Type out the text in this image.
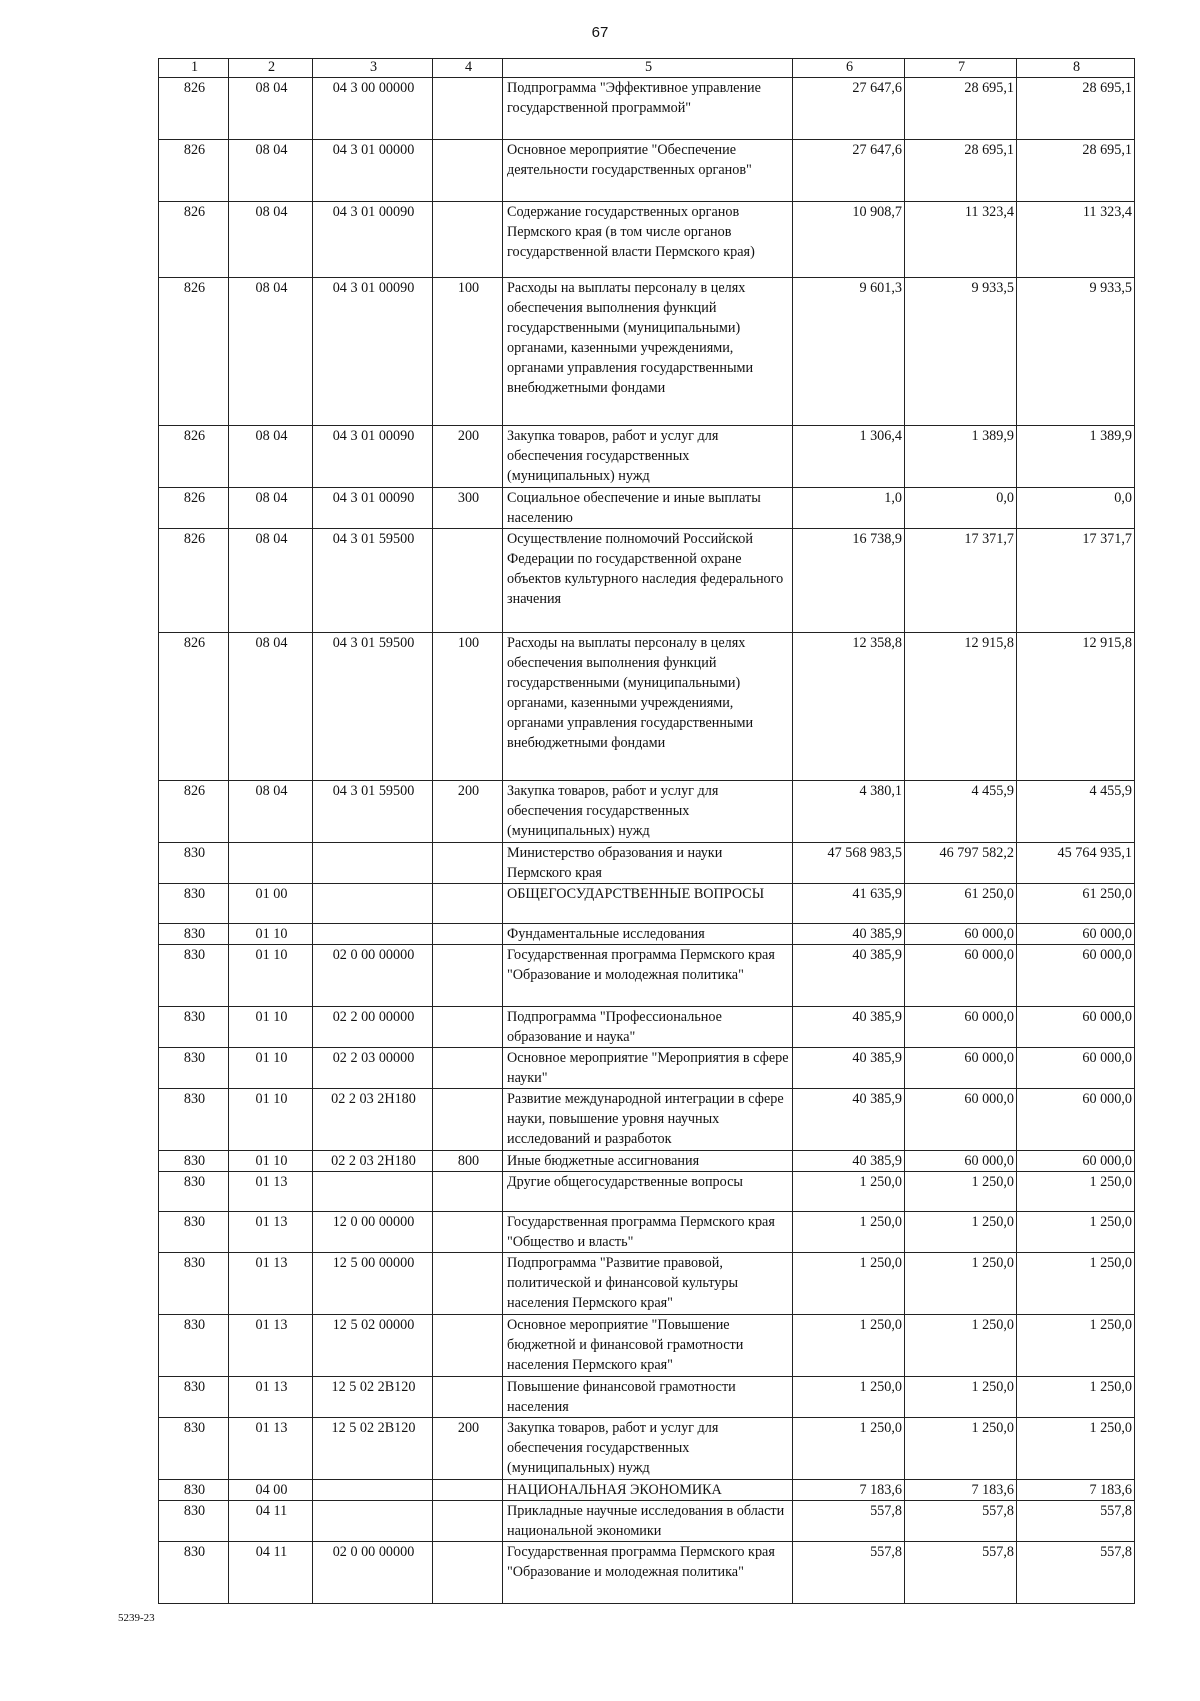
67
1	2	3	4	5	6	7	8
826	08 04	04 3 00 00000		Подпрограмма "Эффективное управление государственной программой"	27 647,6	28 695,1	28 695,1
826	08 04	04 3 01 00000		Основное мероприятие "Обеспечение деятельности государственных органов"	27 647,6	28 695,1	28 695,1
826	08 04	04 3 01 00090		Содержание государственных органов Пермского края (в том числе органов государственной власти Пермского края)	10 908,7	11 323,4	11 323,4
826	08 04	04 3 01 00090	100	Расходы на выплаты персоналу в целях обеспечения выполнения функций государственными (муниципальными) органами, казенными учреждениями, органами управления государственными внебюджетными фондами	9 601,3	9 933,5	9 933,5
826	08 04	04 3 01 00090	200	Закупка товаров, работ и услуг для обеспечения государственных (муниципальных) нужд	1 306,4	1 389,9	1 389,9
826	08 04	04 3 01 00090	300	Социальное обеспечение и иные выплаты населению	1,0	0,0	0,0
826	08 04	04 3 01 59500		Осуществление полномочий Российской Федерации по государственной охране объектов культурного наследия федерального значения	16 738,9	17 371,7	17 371,7
826	08 04	04 3 01 59500	100	Расходы на выплаты персоналу в целях обеспечения выполнения функций государственными (муниципальными) органами, казенными учреждениями, органами управления государственными внебюджетными фондами	12 358,8	12 915,8	12 915,8
826	08 04	04 3 01 59500	200	Закупка товаров, работ и услуг для обеспечения государственных (муниципальных) нужд	4 380,1	4 455,9	4 455,9
830				Министерство образования и науки Пермского края	47 568 983,5	46 797 582,2	45 764 935,1
830	01 00			ОБЩЕГОСУДАРСТВЕННЫЕ ВОПРОСЫ	41 635,9	61 250,0	61 250,0
830	01 10			Фундаментальные исследования	40 385,9	60 000,0	60 000,0
830	01 10	02 0 00 00000		Государственная программа Пермского края "Образование и молодежная политика"	40 385,9	60 000,0	60 000,0
830	01 10	02 2 00 00000		Подпрограмма "Профессиональное образование и наука"	40 385,9	60 000,0	60 000,0
830	01 10	02 2 03 00000		Основное мероприятие "Мероприятия в сфере науки"	40 385,9	60 000,0	60 000,0
830	01 10	02 2 03 2Н180		Развитие международной интеграции в сфере науки, повышение уровня научных исследований и разработок	40 385,9	60 000,0	60 000,0
830	01 10	02 2 03 2Н180	800	Иные бюджетные ассигнования	40 385,9	60 000,0	60 000,0
830	01 13			Другие общегосударственные вопросы	1 250,0	1 250,0	1 250,0
830	01 13	12 0 00 00000		Государственная программа Пермского края "Общество и власть"	1 250,0	1 250,0	1 250,0
830	01 13	12 5 00 00000		Подпрограмма "Развитие правовой, политической и финансовой культуры населения Пермского края"	1 250,0	1 250,0	1 250,0
830	01 13	12 5 02 00000		Основное мероприятие "Повышение бюджетной и финансовой грамотности населения Пермского края"	1 250,0	1 250,0	1 250,0
830	01 13	12 5 02 2В120		Повышение финансовой грамотности населения	1 250,0	1 250,0	1 250,0
830	01 13	12 5 02 2В120	200	Закупка товаров, работ и услуг для обеспечения государственных (муниципальных) нужд	1 250,0	1 250,0	1 250,0
830	04 00			НАЦИОНАЛЬНАЯ ЭКОНОМИКА	7 183,6	7 183,6	7 183,6
830	04 11			Прикладные научные исследования в области национальной экономики	557,8	557,8	557,8
830	04 11	02 0 00 00000		Государственная программа Пермского края "Образование и молодежная политика"	557,8	557,8	557,8
5239-23
